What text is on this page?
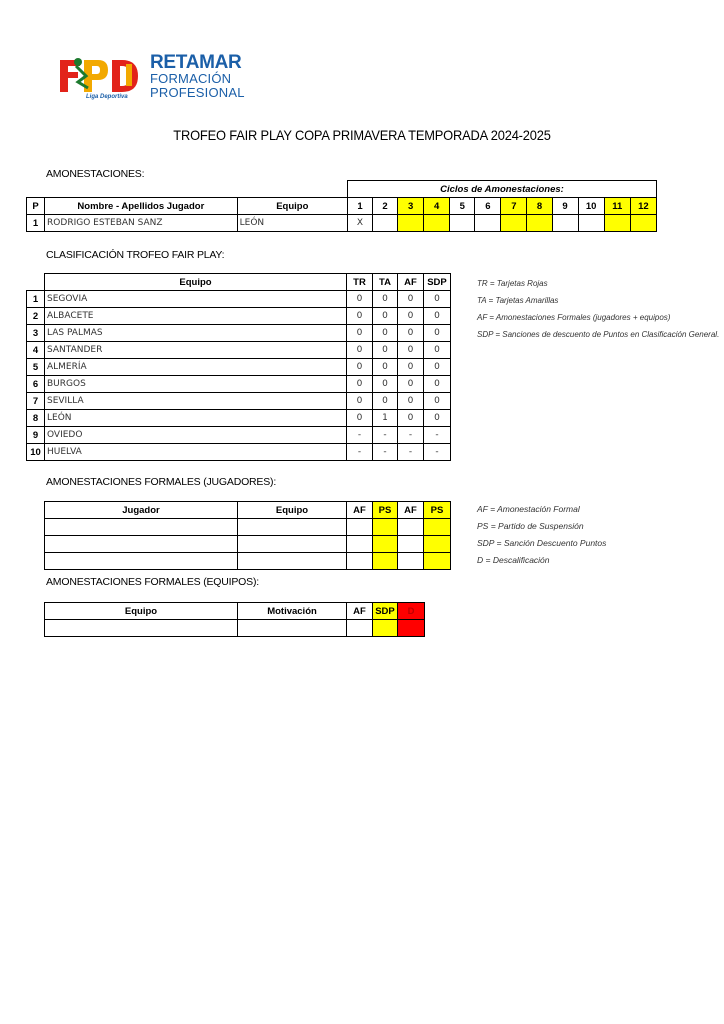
RETAMAR
FORMACIÓN
PROFESIONAL
Liga Deportiva
TROFEO FAIR PLAY COPA PRIMAVERA TEMPORADA 2024-2025
AMONESTACIONES:
			Ciclos de Amonestaciones:											
P	Nombre - Apellidos Jugador	Equipo	1	2	3	4	5	6	7	8	9	10	11	12
1	RODRIGO ESTEBAN SANZ	LEÓN	X											
CLASIFICACIÓN TROFEO FAIR PLAY:
	Equipo	TR	TA	AF	SDP
1	SEGOVIA	0	0	0	0
2	ALBACETE	0	0	0	0
3	LAS PALMAS	0	0	0	0
4	SANTANDER	0	0	0	0
5	ALMERÍA	0	0	0	0
6	BURGOS	0	0	0	0
7	SEVILLA	0	0	0	0
8	LEÓN	0	1	0	0
9	OVIEDO	-	-	-	-
10	HUELVA	-	-	-	-
TR = Tarjetas Rojas
TA = Tarjetas Amarillas
AF = Amonestaciones Formales (jugadores + equipos)
SDP = Sanciones de descuento de Puntos en Clasificación General.
AMONESTACIONES FORMALES (JUGADORES):
Jugador	Equipo	AF	PS	AF	PS

						AF = Amonestación Formal
PS = Partido de Suspensión
SDP = Sanción Descuento Puntos
D = Descalificación
AMONESTACIONES FORMALES (EQUIPOS):
Equipo	Motivación	AF	SDP	D
